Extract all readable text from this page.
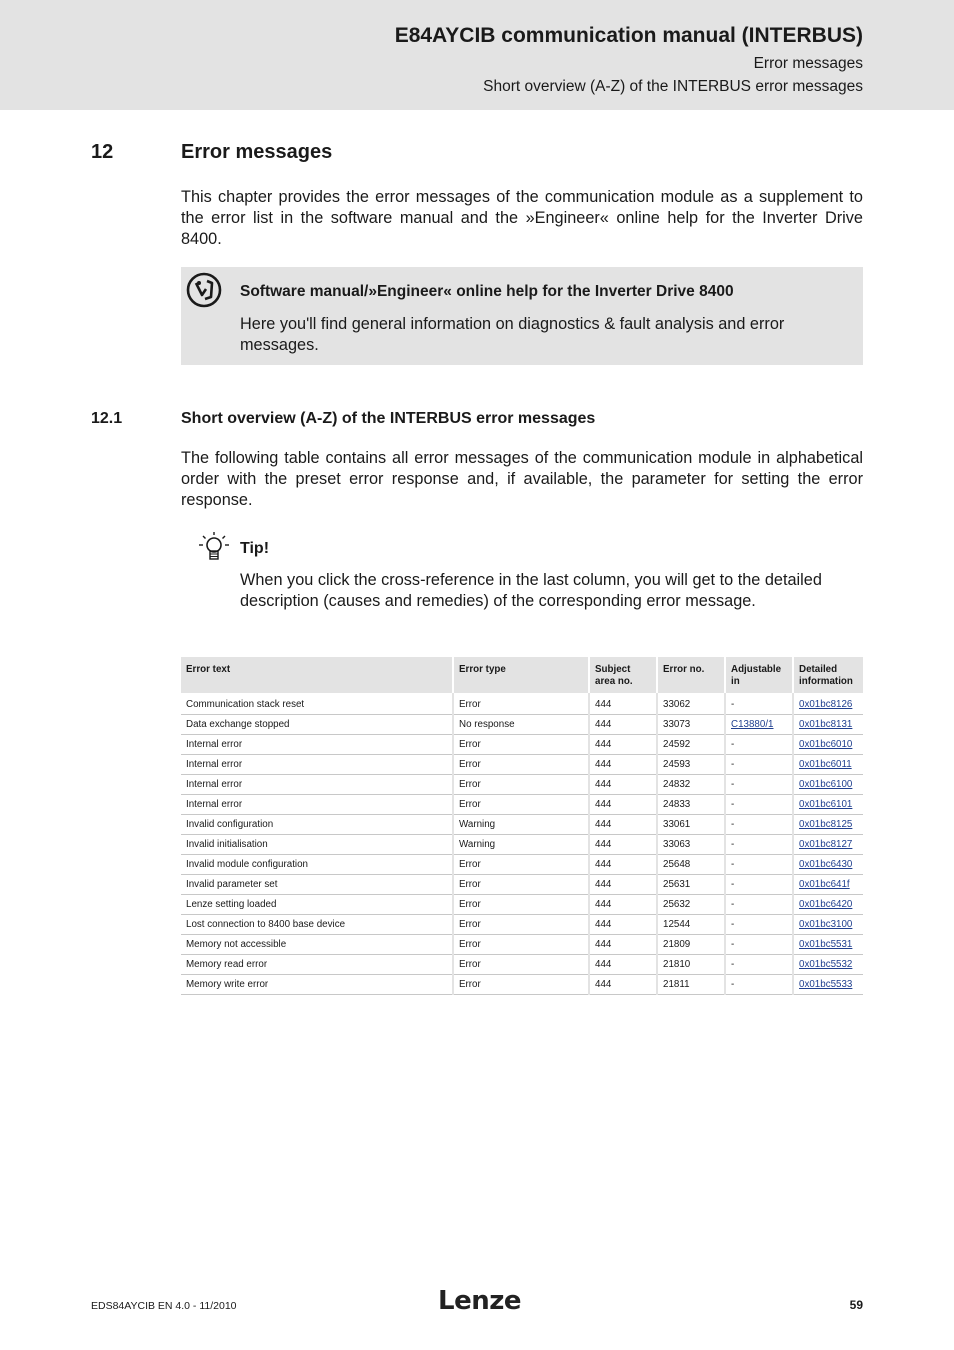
E84AYCIB communication manual (INTERBUS)
Error messages
Short overview (A-Z) of the INTERBUS error messages
12	Error messages
This chapter provides the error messages of the communication module as a supplement to the error list in the software manual and the »Engineer« online help for the Inverter Drive 8400.
Software manual/»Engineer« online help for the Inverter Drive 8400
Here you'll find general information on diagnostics & fault analysis and error messages.
12.1	Short overview (A-Z) of the INTERBUS error messages
The following table contains all error messages of the communication module in alphabetical order with the preset error response and, if available, the parameter for setting the error response.
Tip!
When you click the cross-reference in the last column, you will get to the detailed description (causes and remedies) of the corresponding error message.
Error text	Error type	Subject area no.	Error no.	Adjustable in	Detailed information
Communication stack reset	Error	444	33062	-	0x01bc8126
Data exchange stopped	No response	444	33073	C13880/1	0x01bc8131
Internal error	Error	444	24592	-	0x01bc6010
Internal error	Error	444	24593	-	0x01bc6011
Internal error	Error	444	24832	-	0x01bc6100
Internal error	Error	444	24833	-	0x01bc6101
Invalid configuration	Warning	444	33061	-	0x01bc8125
Invalid initialisation	Warning	444	33063	-	0x01bc8127
Invalid module configuration	Error	444	25648	-	0x01bc6430
Invalid parameter set	Error	444	25631	-	0x01bc641f
Lenze setting loaded	Error	444	25632	-	0x01bc6420
Lost connection to 8400 base device	Error	444	12544	-	0x01bc3100
Memory not accessible	Error	444	21809	-	0x01bc5531
Memory read error	Error	444	21810	-	0x01bc5532
Memory write error	Error	444	21811	-	0x01bc5533
EDS84AYCIB EN 4.0 - 11/2010	Lenze	59
